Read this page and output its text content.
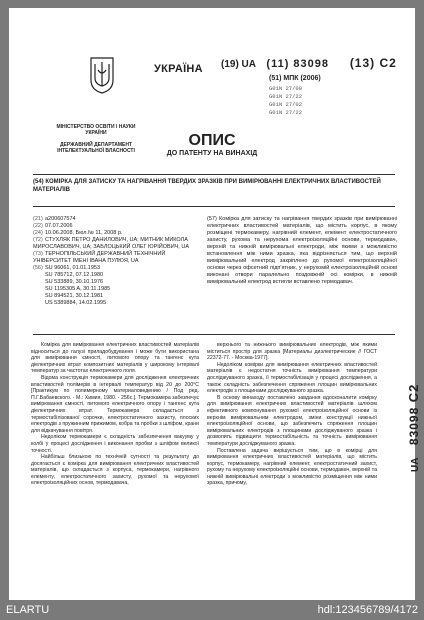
УКРАЇНА (19) UA (11) 83098 (13) C2
(51) МПК (2006)
G01N 27/00
G01N 27/22
G01N 27/02
G01N 27/22
МІНІСТЕРСТВО ОСВІТИ І НАУКИ УКРАЇНИ
ДЕРЖАВНИЙ ДЕПАРТАМЕНТ ІНТЕЛЕКТУАЛЬНОЇ ВЛАСНОСТІ
ОПИС
ДО ПАТЕНТУ НА ВИНАХІД
(54) КОМІРКА ДЛЯ ЗАТИСКУ ТА НАГРІВАННЯ ТВЕРДИХ ЗРАЗКІВ ПРИ ВИМІРЮВАННІ ЕЛЕКТРИЧНИХ ВЛАСТИВОСТЕЙ МАТЕРІАЛІВ
(21) a200607574
(22) 07.07.2006
(24) 10.06.2008, Бюл.№ 11, 2008 р.
(72) СТУХЛЯК ПЕТРО ДАНИЛОВИЧ, UA; МИТНИК МИКОЛА МИРОСЛАВОВИЧ, UA; ЗАБЛОЦЬКИЙ ОЛЕГ ЮРІЙОВИЧ, UA
(73) ТЕРНОПІЛЬСЬКИЙ ДЕРЖАВНИЙ ТЕХНІЧНИЙ УНІВЕРСИТЕТ ІМЕНІ ІВАНА ПУЛЮЯ, UA
(56) SU 96061, 01.01.1953
SU 785712, 07.12.1980
SU 533889, 30.10.1976
SU 1195305 A, 30.11.1985
SU 894521, 30.12.1981
US 5389884, 14.02.1995
(57) Комірка для затиску та нагрівання твердих зразків при вимірюванні електричних властивостей матеріалів, що містить корпус, в якому розміщені термокамеру, нагрівний елемент, елемент електростатичного захисту, рухома та нерухома електроізоляційні основи, термодавач, верхній та нижній вимірювальні електроди, між якими з можливістю встановлення між ними зразка, яка відрізняється тим, що верхній вимірювальний електрод закріплено до рухомої електроізоляційної основи через офсетний підп'ятник, у нерухомій електроізоляційній основі виконані отвори паралельно поздовжній осі комірки, в нижній вимірювальний електрод встигли вставлено термодавач.

Комірка для вимірювання електричних властивостей матеріалів відноситься до галузі приладобудування і може бути використана для вимірювання ємності, питомого опору та тангенс кута діелектричних втрат композитних матеріалів у широкому інтервалі температур за частотах електричного поля.

Відома конструкція термокамери для дослідження електричних властивостей полімерів в інтервалі температур від 20 до 200°С [Практикум по полимерному материаловедению / Под ред. П.Г.Бабаевского. - М.: Химия, 1980. - 256с.]. Термокамера забезпечує вимірювання ємності, питомого електричного опору і тангенс кута діелектричних втрат. Термокамера складається з термостабілізованої сорочки, електростатичного захисту, плоских електродів з пружинним прижимом, кобра та пробки з шліфом, крани для відкачування повітря.

Недоліком термокамери є складність забезпечення вакууму у колбі у процесі дослідження і виконання пробки з шліфом великої точності.

Найбільш близькою по технічній сутності та результату до досягається є комірка для вимірювання електричних властивостей матеріалів, що складається з корпуса, термокамери, нагрівного елементу, електростатичного захисту, рухомої та нерухомої електроізоляційних основ, термодавача,

верхнього та нижнього вимірювальних електродів, між якими міститься простір для зразка [Материалы диэлектрические // ГОСТ 22372-77. - Москва-1977].

Недоліком комірки для вимірювання електричних властивостей матеріалів є недостатня точність вимірювання температури досліджуваного зразка, її термостабілізація у процесі дослідження, а також складність забезпечення спряження площин вимірювальних електродів з площинами досліджуваного зразка.

В основу винаходу поставлено завдання вдосконалити комірку для вимірювання електричних властивостей матеріалів шляхом ефективного компонування рухомої електроізоляційної основи із верхнім вимірювальним електродом, зміни конструкції нижньої електроізоляційної основи, що забезпечить спряження площин вимірювальних електродів з площинами досліджуваного зразка і дозволить підвищити термостабільність та точність вимірювання температури досліджуваного зразка.

Поставлена задача вирішується тим, що в комірці для вимірювання електричних властивостей матеріалів, що містить корпус, термокамеру, нагрівний елемент, електростатичний захист, рухому та нерухому електроізоляційні основи, термодавач, верхній та нижній вимірювальні електроди з можливістю розміщення між ними зразка, причому,

UA 83098 C2
ELARTU	hdl:123456789/4172
